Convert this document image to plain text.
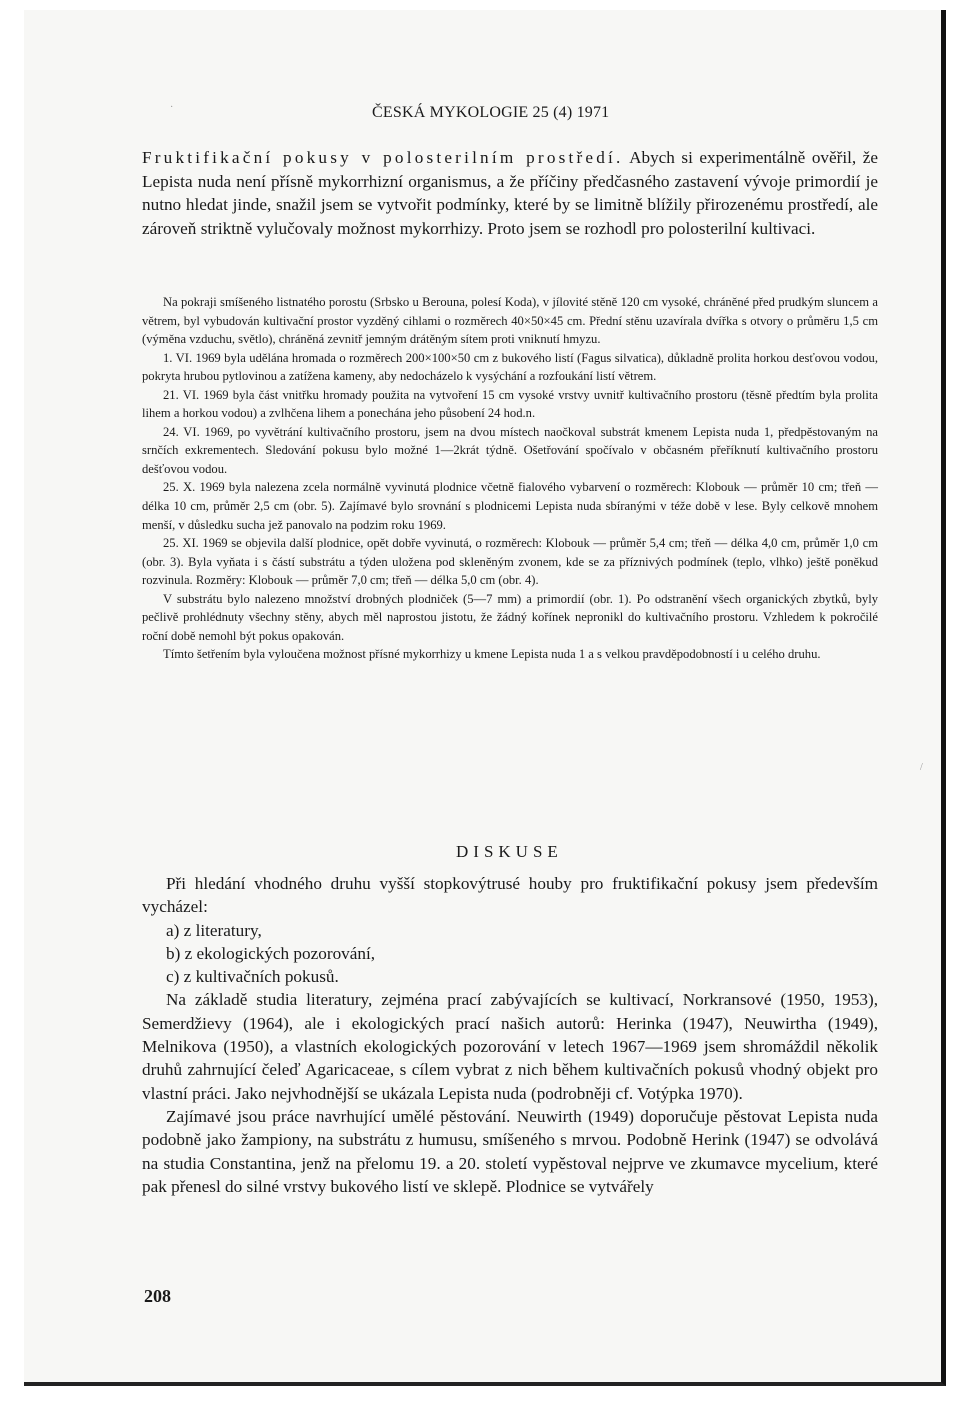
·
/
ČESKÁ MYKOLOGIE 25 (4) 1971
Fruktifikační pokusy v polosterilním prostředí. Abych si experimentálně ověřil, že Lepista nuda není přísně mykorrhizní organismus, a že příčiny předčasného zastavení vývoje primordií je nutno hledat jinde, snažil jsem se vytvořit podmínky, které by se limitně blížily přirozenému prostředí, ale zároveň striktně vylučovaly možnost mykorrhizy. Proto jsem se rozhodl pro polosterilní kultivaci.

Na pokraji smíšeného listnatého porostu (Srbsko u Berouna, polesí Koda), v jílovité stěně 120 cm vysoké, chráněné před prudkým sluncem a větrem, byl vybudován kultivační prostor vyzděný cihlami o rozměrech 40×50×45 cm. Přední stěnu uzavírala dvířka s otvory o průměru 1,5 cm (výměna vzduchu, světlo), chráněná zevnitř jemným drátěným sítem proti vniknutí hmyzu.

1. VI. 1969 byla udělána hromada o rozměrech 200×100×50 cm z bukového listí (Fagus silvatica), důkladně prolita horkou desťovou vodou, pokryta hrubou pytlovinou a zatížena kameny, aby nedocházelo k vysýchání a rozfoukání listí větrem.

21. VI. 1969 byla část vnitřku hromady použita na vytvoření 15 cm vysoké vrstvy uvnitř kultivačního prostoru (těsně předtím byla prolita lihem a horkou vodou) a zvlhčena lihem a ponechána jeho působení 24 hod.n.

24. VI. 1969, po vyvětrání kultivačního prostoru, jsem na dvou místech naočkoval substrát kmenem Lepista nuda 1, předpěstovaným na srnčích exkrementech. Sledování pokusu bylo možné 1—2krát týdně. Ošetřování spočívalo v občasném přeříknutí kultivačního prostoru dešťovou vodou.

25. X. 1969 byla nalezena zcela normálně vyvinutá plodnice včetně fialového vybarvení o rozměrech: Klobouk — průměr 10 cm; třeň — délka 10 cm, průměr 2,5 cm (obr. 5). Zajímavé bylo srovnání s plodnicemi Lepista nuda sbíranými v téže době v lese. Byly celkově mnohem menší, v důsledku sucha jež panovalo na podzim roku 1969.

25. XI. 1969 se objevila další plodnice, opět dobře vyvinutá, o rozměrech: Klobouk — průměr 5,4 cm; třeň — délka 4,0 cm, průměr 1,0 cm (obr. 3). Byla vyňata i s částí substrátu a týden uložena pod skleněným zvonem, kde se za příznivých podmínek (teplo, vlhko) ještě poněkud rozvinula. Rozměry: Klobouk — průměr 7,0 cm; třeň — délka 5,0 cm (obr. 4).

V substrátu bylo nalezeno množství drobných plodniček (5—7 mm) a primordií (obr. 1). Po odstranění všech organických zbytků, byly pečlivě prohlédnuty všechny stěny, abych měl naprostou jistotu, že žádný kořínek nepronikl do kultivačního prostoru. Vzhledem k pokročilé roční době nemohl být pokus opakován.

Tímto šetřením byla vyloučena možnost přísné mykorrhizy u kmene Lepista nuda 1 a s velkou pravděpodobností i u celého druhu.

DISKUSE

Při hledání vhodného druhu vyšší stopkovýtrusé houby pro fruktifikační pokusy jsem především vycházel:

a) z literatury,

b) z ekologických pozorování,

c) z kultivačních pokusů.

Na základě studia literatury, zejména prací zabývajících se kultivací, Norkransové (1950, 1953), Semerdžievy (1964), ale i ekologických prací našich autorů: Herinka (1947), Neuwirtha (1949), Melnikova (1950), a vlastních ekologických pozorování v letech 1967—1969 jsem shromáždil několik druhů zahrnující čeleď Agaricaceae, s cílem vybrat z nich během kultivačních pokusů vhodný objekt pro vlastní práci. Jako nejvhodnější se ukázala Lepista nuda (podrobněji cf. Votýpka 1970).

Zajímavé jsou práce navrhující umělé pěstování. Neuwirth (1949) doporučuje pěstovat Lepista nuda podobně jako žampiony, na substrátu z humusu, smíšeného s mrvou. Podobně Herink (1947) se odvolává na studia Constantina, jenž na přelomu 19. a 20. století vypěstoval nejprve ve zkumavce mycelium, které pak přenesl do silné vrstvy bukového listí ve sklepě. Plodnice se vytvářely

208
